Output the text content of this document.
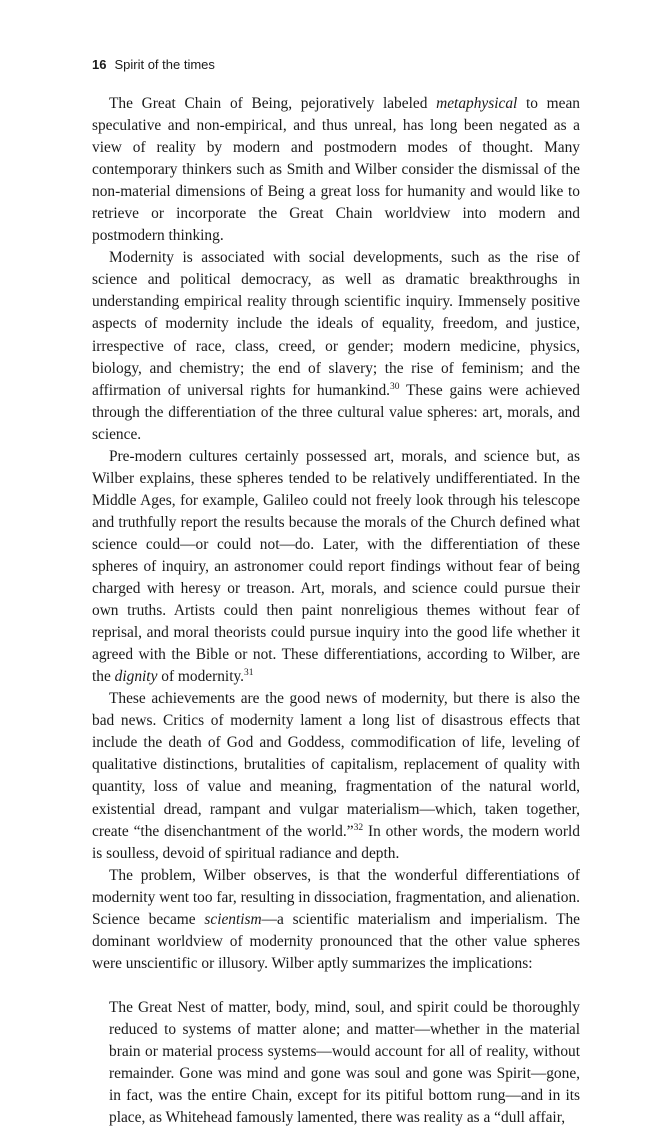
16 Spirit of the times

The Great Chain of Being, pejoratively labeled metaphysical to mean speculative and non-empirical, and thus unreal, has long been negated as a view of reality by modern and postmodern modes of thought. Many contemporary thinkers such as Smith and Wilber consider the dismissal of the non-material dimensions of Being a great loss for humanity and would like to retrieve or incorporate the Great Chain worldview into modern and postmodern thinking.

Modernity is associated with social developments, such as the rise of science and political democracy, as well as dramatic breakthroughs in understanding empirical reality through scientific inquiry. Immensely positive aspects of modernity include the ideals of equality, freedom, and justice, irrespective of race, class, creed, or gender; modern medicine, physics, biology, and chemistry; the end of slavery; the rise of feminism; and the affirmation of universal rights for humankind.$^{30}$ These gains were achieved through the differentiation of the three cultural value spheres: art, morals, and science.

Pre-modern cultures certainly possessed art, morals, and science but, as Wilber explains, these spheres tended to be relatively undifferentiated. In the Middle Ages, for example, Galileo could not freely look through his telescope and truthfully report the results because the morals of the Church defined what science could—or could not—do. Later, with the differentiation of these spheres of inquiry, an astronomer could report findings without fear of being charged with heresy or treason. Art, morals, and science could pursue their own truths. Artists could then paint nonreligious themes without fear of reprisal, and moral theorists could pursue inquiry into the good life whether it agreed with the Bible or not. These differentiations, according to Wilber, are the dignity of modernity.$^{31}$

These achievements are the good news of modernity, but there is also the bad news. Critics of modernity lament a long list of disastrous effects that include the death of God and Goddess, commodification of life, leveling of qualitative distinctions, brutalities of capitalism, replacement of quality with quantity, loss of value and meaning, fragmentation of the natural world, existential dread, rampant and vulgar materialism—which, taken together, create “the disenchantment of the world.”$^{32}$ In other words, the modern world is soulless, devoid of spiritual radiance and depth.

The problem, Wilber observes, is that the wonderful differentiations of modernity went too far, resulting in dissociation, fragmentation, and alienation. Science became scientism—a scientific materialism and imperialism. The dominant worldview of modernity pronounced that the other value spheres were unscientific or illusory. Wilber aptly summarizes the implications:

The Great Nest of matter, body, mind, soul, and spirit could be thoroughly reduced to systems of matter alone; and matter—whether in the material brain or material process systems—would account for all of reality, without remainder. Gone was mind and gone was soul and gone was Spirit—gone, in fact, was the entire Chain, except for its pitiful bottom rung—and in its place, as Whitehead famously lamented, there was reality as a “dull affair,
